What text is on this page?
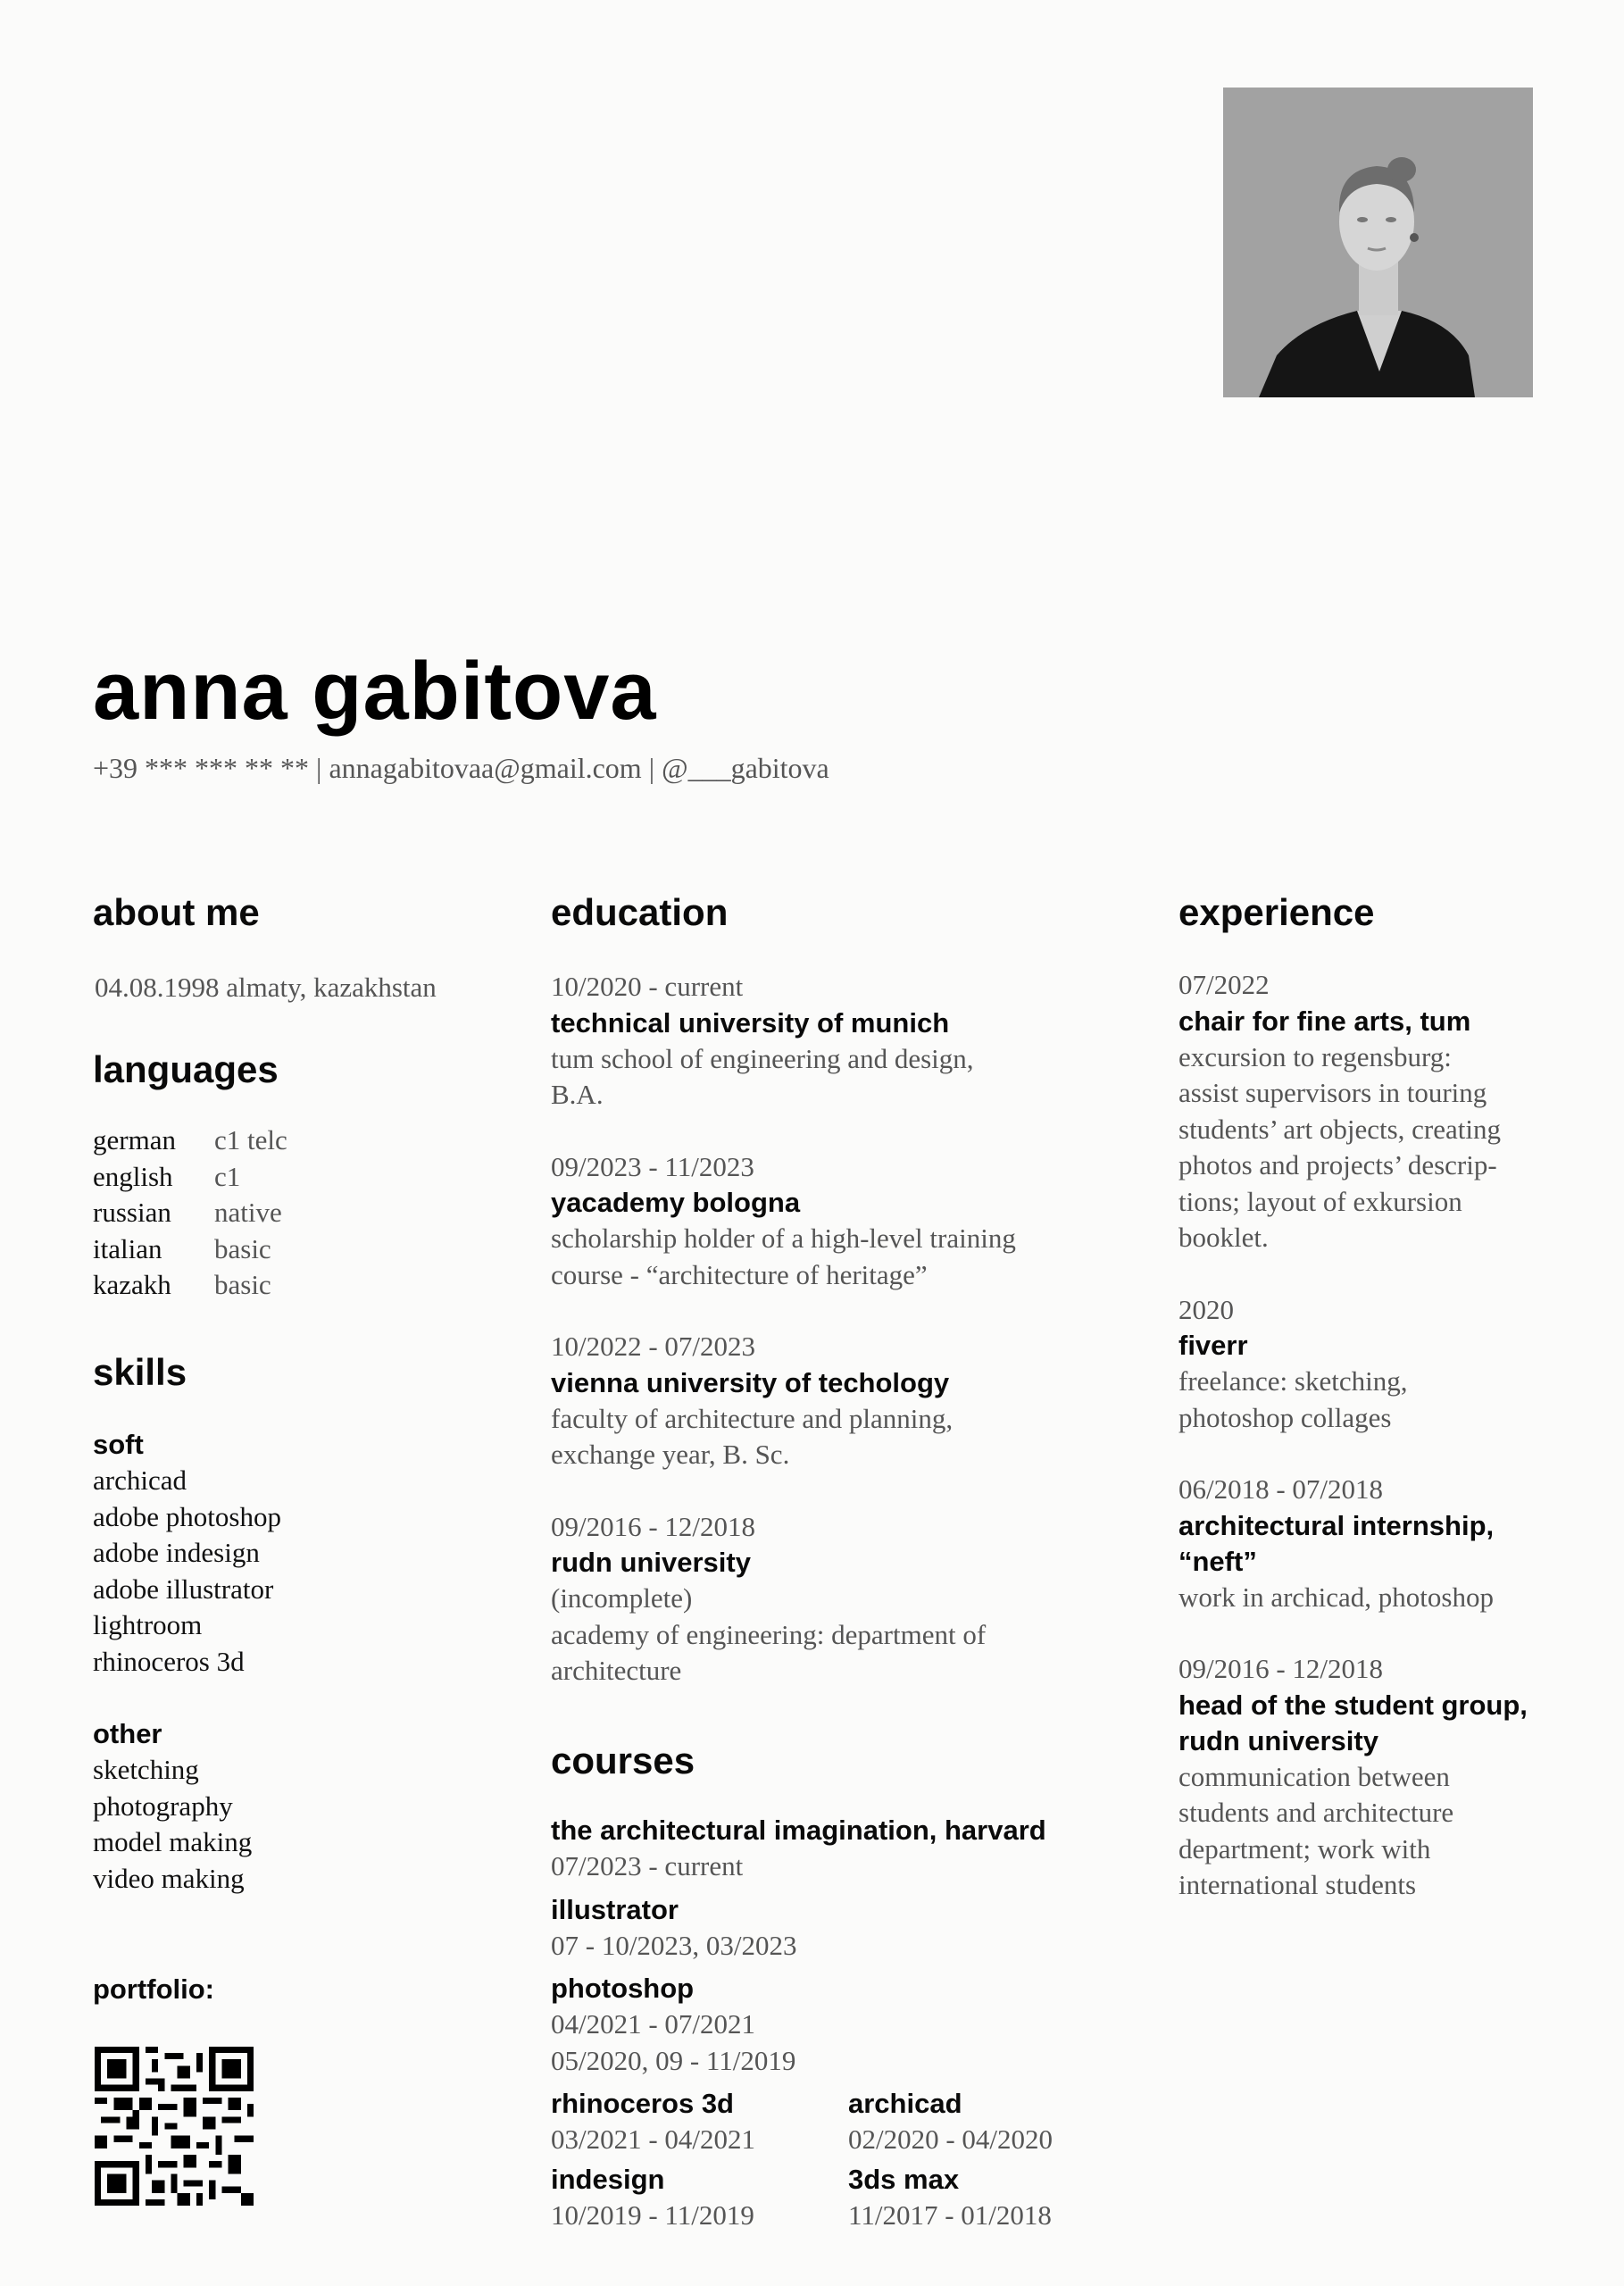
anna gabitova
+39 *** *** ** ** | annagabitovaa@gmail.com | @___gabitova
about me
04.08.1998 almaty, kazakhstan
languages
german	c1 telc
english	c1
russian	native
italian	basic
kazakh	basic
skills
soft
archicad
adobe photoshop
adobe indesign
adobe illustrator
lightroom
rhinoceros 3d
other
sketching
photography
model making
video making
portfolio:
education
10/2020 - current
technical university of munich
tum school of engineering and design,
B.A.
09/2023 - 11/2023
yacademy bologna
scholarship holder of a high-level training
course - “architecture of heritage”
10/2022 - 07/2023
vienna university of techology
faculty of architecture and planning,
exchange year, B. Sc.
09/2016 - 12/2018
rudn university
(incomplete)
academy of engineering: department of
architecture
courses
the architectural imagination, harvard
07/2023 - current
illustrator
07 - 10/2023, 03/2023
photoshop
04/2021 - 07/2021
05/2020, 09 - 11/2019
rhinoceros 3d
03/2021 - 04/2021
archicad
02/2020 - 04/2020
indesign
10/2019 - 11/2019
3ds max
11/2017 - 01/2018
experience
07/2022
chair for fine arts, tum
excursion to regensburg:
assist supervisors in touring
students’ art objects, creating
photos and projects’ descrip-
tions; layout of exkursion
booklet.
2020
fiverr
freelance: sketching,
photoshop collages
06/2018 - 07/2018
architectural internship,
“neft”
work in archicad, photoshop
09/2016 - 12/2018
head of the student group,
rudn university
communication between
students and architecture
department; work with
international students
